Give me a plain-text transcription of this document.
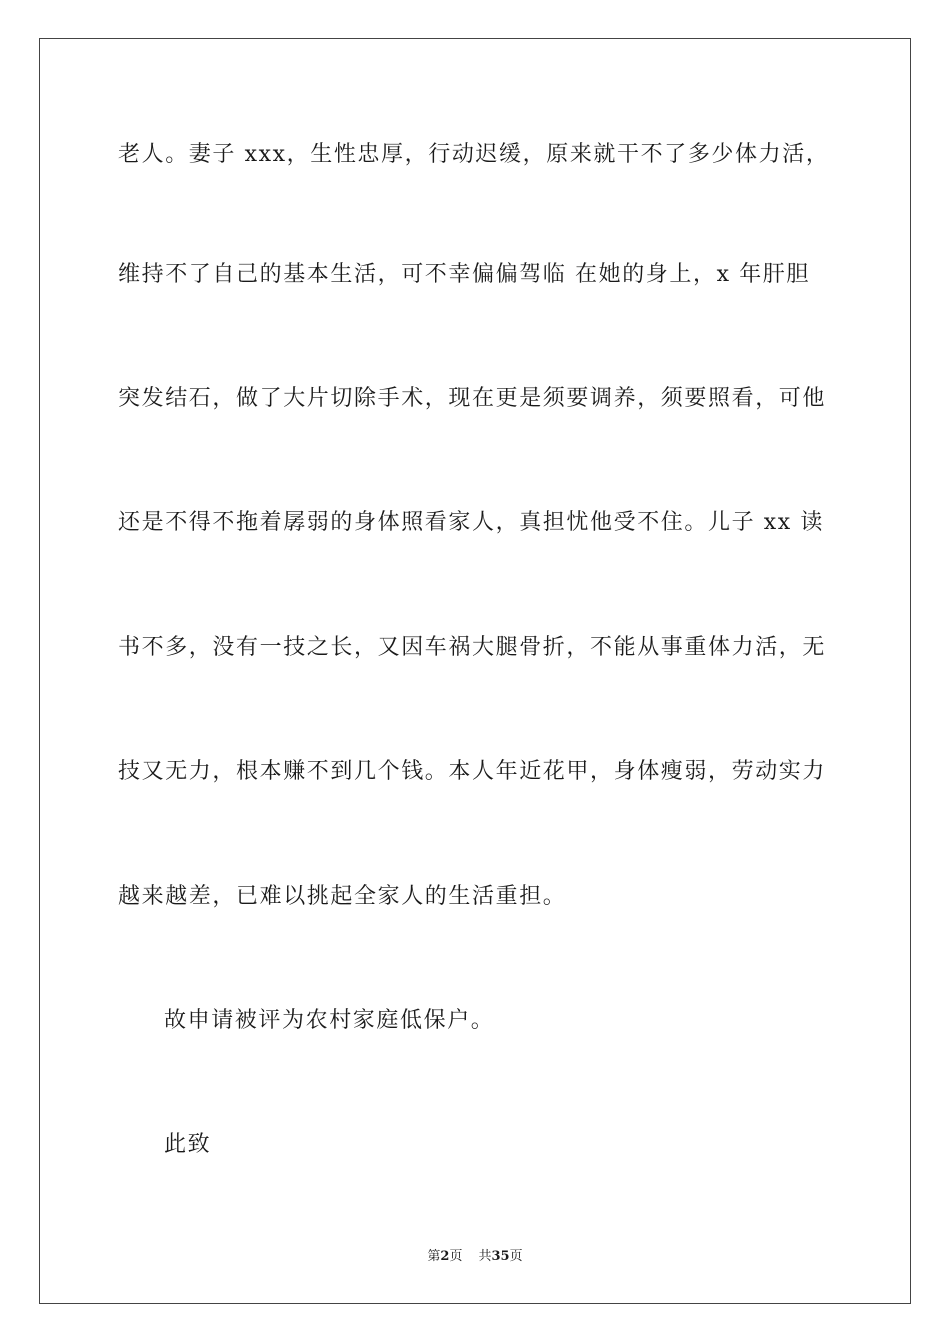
老人。妻子 xxx，生性忠厚，行动迟缓，原来就干不了多少体力活，
维持不了自己的基本生活，可不幸偏偏驾临 在她的身上，x 年肝胆
突发结石，做了大片切除手术，现在更是须要调养，须要照看，可他
还是不得不拖着孱弱的身体照看家人，真担忧他受不住。儿子 xx 读
书不多，没有一技之长，又因车祸大腿骨折，不能从事重体力活，无
技又无力，根本赚不到几个钱。本人年近花甲，身体瘦弱，劳动实力
越来越差，已难以挑起全家人的生活重担。
故申请被评为农村家庭低保户。
此致
第2页 共35页
